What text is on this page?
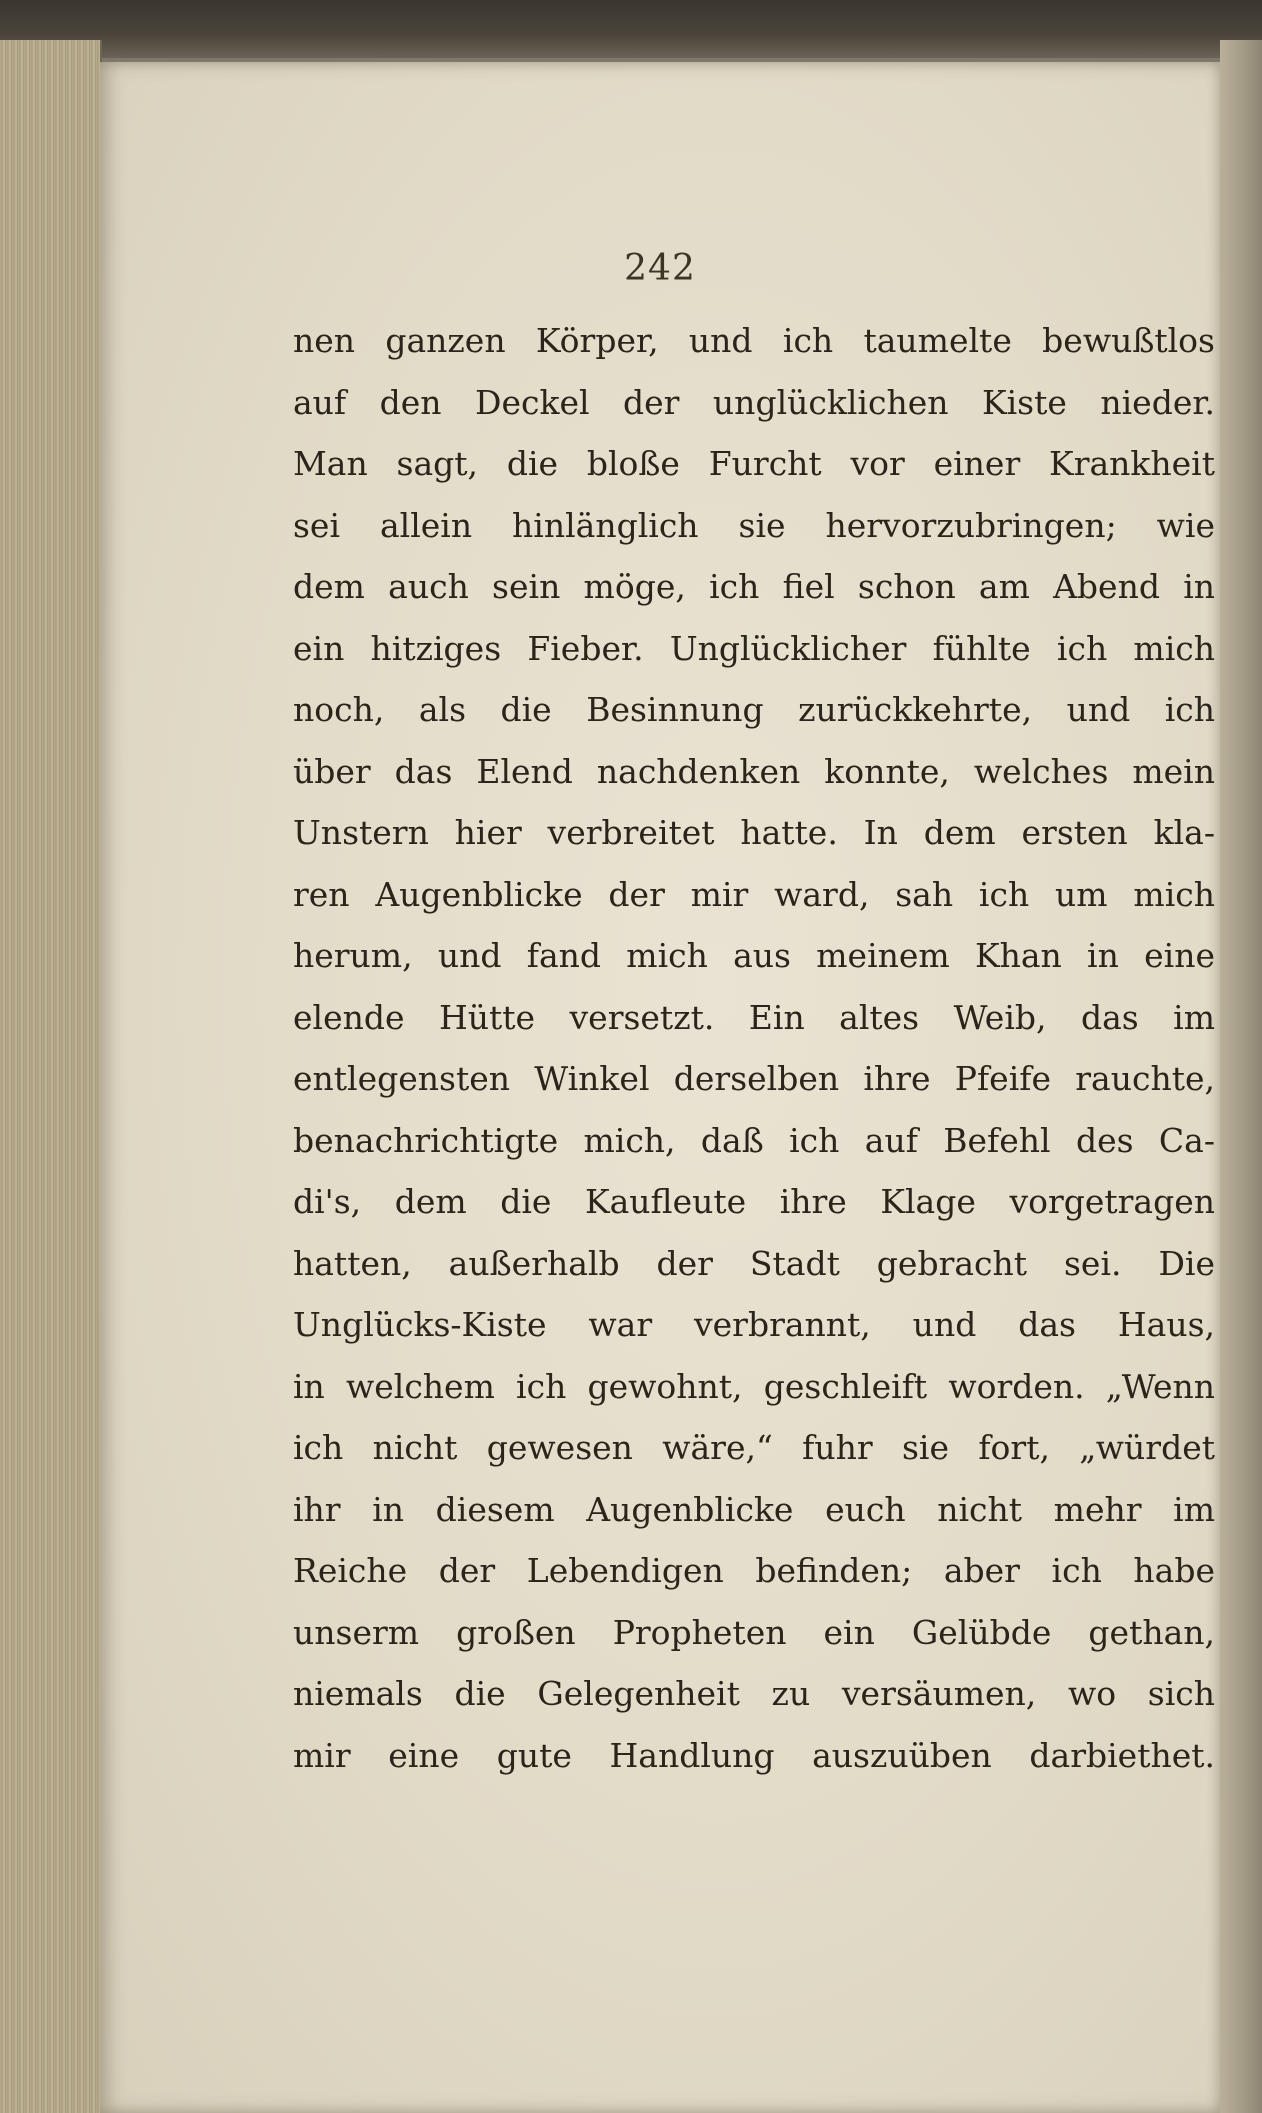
242
nen ganzen Körper, und ich taumelte bewußtlos
auf den Deckel der unglücklichen Kiste nieder.
Man sagt, die bloße Furcht vor einer Krankheit
sei allein hinlänglich sie hervorzubringen; wie
dem auch sein möge, ich fiel schon am Abend in
ein hitziges Fieber. Unglücklicher fühlte ich mich
noch, als die Besinnung zurückkehrte, und ich
über das Elend nachdenken konnte, welches mein
Unstern hier verbreitet hatte. In dem ersten kla-
ren Augenblicke der mir ward, sah ich um mich
herum, und fand mich aus meinem Khan in eine
elende Hütte versetzt. Ein altes Weib, das im
entlegensten Winkel derselben ihre Pfeife rauchte,
benachrichtigte mich, daß ich auf Befehl des Ca-
di's, dem die Kaufleute ihre Klage vorgetragen
hatten, außerhalb der Stadt gebracht sei. Die
Unglücks-Kiste war verbrannt, und das Haus,
in welchem ich gewohnt, geschleift worden. „Wenn
ich nicht gewesen wäre,“ fuhr sie fort, „würdet
ihr in diesem Augenblicke euch nicht mehr im
Reiche der Lebendigen befinden; aber ich habe
unserm großen Propheten ein Gelübde gethan,
niemals die Gelegenheit zu versäumen, wo sich
mir eine gute Handlung auszuüben darbiethet.
